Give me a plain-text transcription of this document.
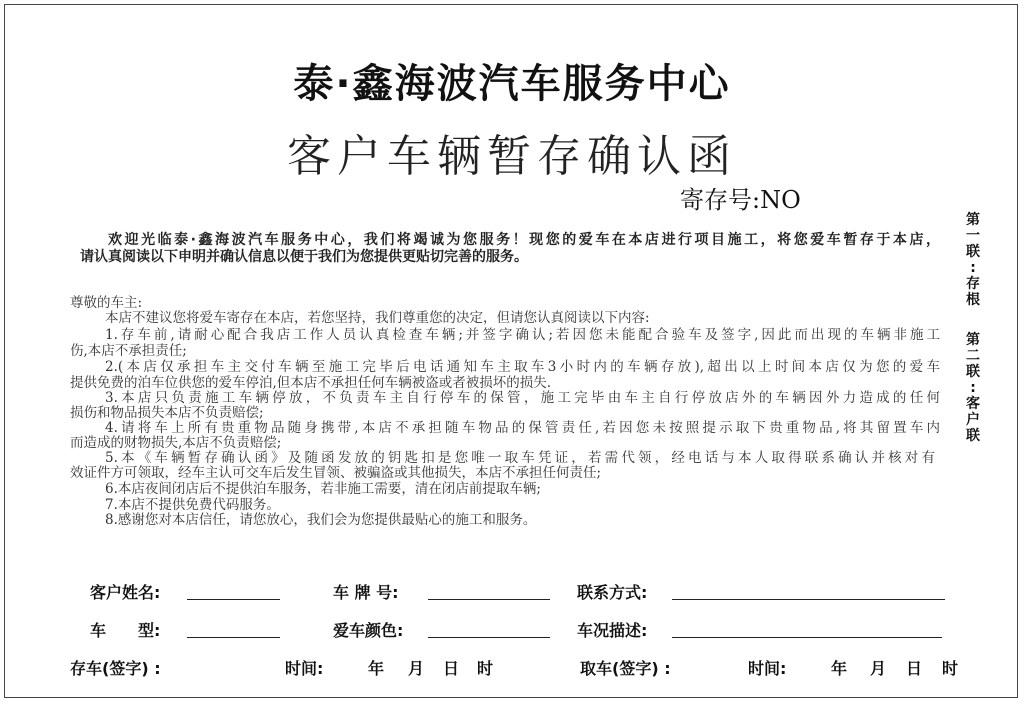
泰·鑫海波汽车服务中心
客户车辆暂存确认函
寄存号:NO
第
一
联
:
存
根
第
二
联
:
客
户
联
欢迎光临泰·鑫海波汽车服务中心，我们将竭诚为您服务！现您的爱车在本店进行项目施工，将您爱车暂存于本店，
请认真阅读以下申明并确认信息以便于我们为您提供更贴切完善的服务。
尊敬的车主:
本店不建议您将爱车寄存在本店，若您坚持，我们尊重您的决定，但请您认真阅读以下内容:
1.存车前,请耐心配合我店工作人员认真检查车辆;并签字确认;若因您未能配合验车及签字,因此而出现的车辆非施工
伤,本店不承担责任;
2.(本店仅承担车主交付车辆至施工完毕后电话通知车主取车3小时内的车辆存放),超出以上时间本店仅为您的爱车
提供免费的泊车位供您的爱车停泊,但本店不承担任何车辆被盗或者被损坏的损失.
3.本店只负责施工车辆停放，不负责车主自行停车的保管，施工完毕由车主自行停放店外的车辆因外力造成的任何
损伤和物品损失本店不负责赔偿;
4.请将车上所有贵重物品随身携带,本店不承担随车物品的保管责任,若因您未按照提示取下贵重物品,将其留置车内
而造成的财物损失,本店不负责赔偿;
5.本《车辆暂存确认函》及随函发放的钥匙扣是您唯一取车凭证，若需代领，经电话与本人取得联系确认并核对有
效证件方可领取，经车主认可交车后发生冒领、被骗盗或其他损失，本店不承担任何责任;
6.本店夜间闭店后不提供泊车服务，若非施工需要，清在闭店前提取车辆;
7.本店不提供免费代码服务。
8.感谢您对本店信任，请您放心，我们会为您提供最贴心的施工和服务。
客户姓名:	车 牌 号:	联系方式:
车　　型:	爱车颜色:	车况描述:
存车(签字) :	时间:	年 月 日 时	取车(签字) :	时间:	年 月 日 时
